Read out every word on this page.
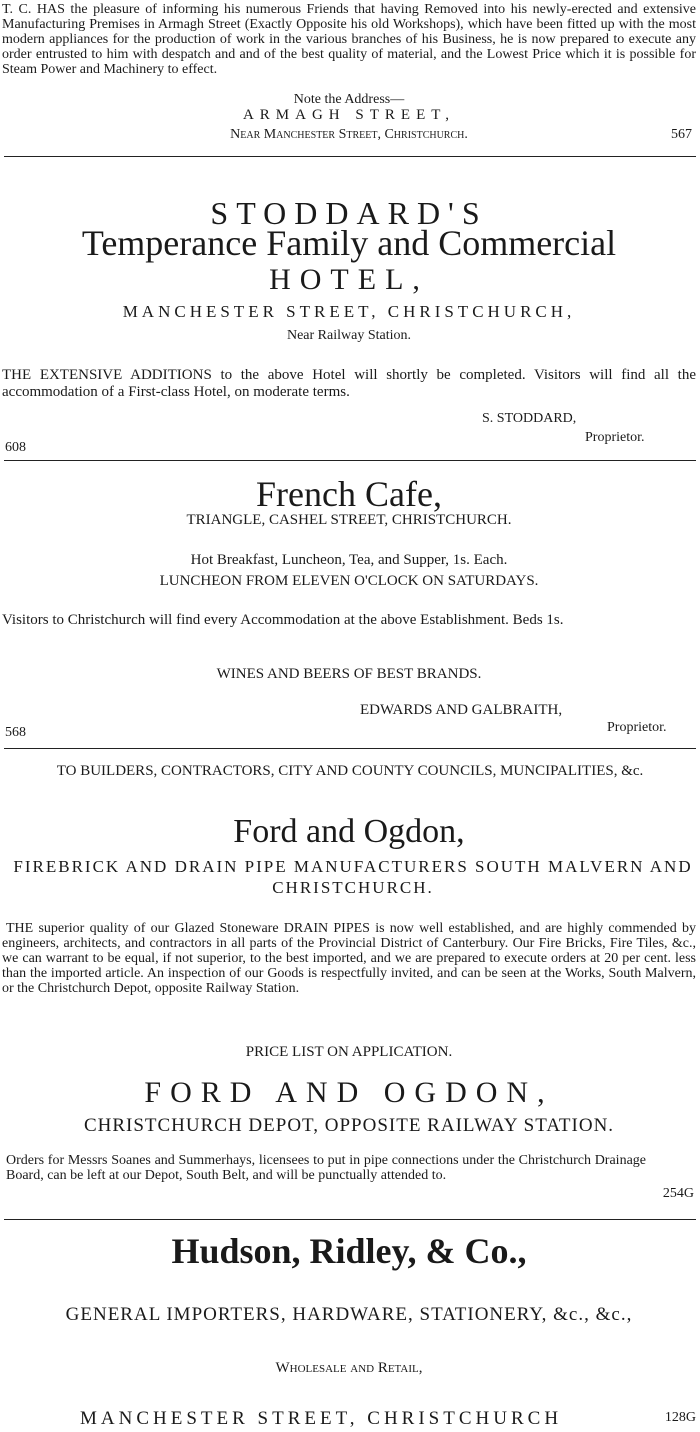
T. C. HAS the pleasure of informing his numerous Friends that having Removed into his newly-erected and extensive Manufacturing Premises in Armagh Street (Exactly Opposite his old Workshops), which have been fitted up with the most modern appliances for the production of work in the various branches of his Business, he is now prepared to execute any order entrusted to him with despatch and and of the best quality of material, and the Lowest Price which it is possible for Steam Power and Machinery to effect.
Note the Address—
ARMAGH STREET,
Near Manchester Street, Christchurch.	567
STODDARD'S
Temperance Family and Commercial
HOTEL,
MANCHESTER STREET, CHRISTCHURCH,
Near Railway Station.
THE EXTENSIVE ADDITIONS to the above Hotel will shortly be completed. Visitors will find all the accommodation of a First-class Hotel, on moderate terms.
S. STODDARD,
Proprietor.
608
French Cafe,
TRIANGLE, CASHEL STREET, CHRISTCHURCH.
Hot Breakfast, Luncheon, Tea, and Supper, 1s. Each.
LUNCHEON FROM ELEVEN O'CLOCK ON SATURDAYS.
Visitors to Christchurch will find every Accommodation at the above Establishment. Beds 1s.
WINES AND BEERS OF BEST BRANDS.
EDWARDS AND GALBRAITH,
Proprietor.
568
TO BUILDERS, CONTRACTORS, CITY AND COUNTY COUNCILS, MUNCIPALITIES, &c.
Ford and Ogdon,
FIREBRICK AND DRAIN PIPE MANUFACTURERS SOUTH MALVERN AND CHRISTCHURCH.
THE superior quality of our Glazed Stoneware DRAIN PIPES is now well established, and are highly commended by engineers, architects, and contractors in all parts of the Provincial District of Canterbury. Our Fire Bricks, Fire Tiles, &c., we can warrant to be equal, if not superior, to the best imported, and we are prepared to execute orders at 20 per cent. less than the imported article. An inspection of our Goods is respectfully invited, and can be seen at the Works, South Malvern, or the Christchurch Depot, opposite Railway Station.
PRICE LIST ON APPLICATION.
FORD AND OGDON,
CHRISTCHURCH DEPOT, OPPOSITE RAILWAY STATION.
Orders for Messrs Soanes and Summerhays, licensees to put in pipe connections under the Christchurch Drainage Board, can be left at our Depot, South Belt, and will be punctually attended to.
254G
Hudson, Ridley, & Co.,
GENERAL IMPORTERS, HARDWARE, STATIONERY, &c., &c.,
Wholesale and Retail,
MANCHESTER STREET, CHRISTCHURCH	128G
